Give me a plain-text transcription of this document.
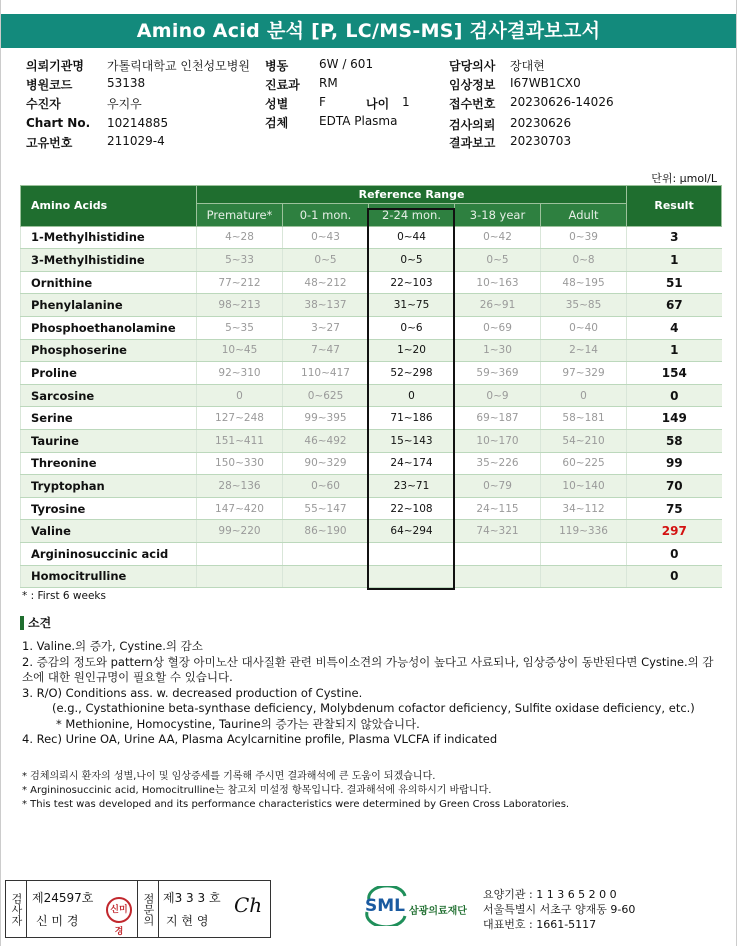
Amino Acid 분석 [P, LC/MS-MS] 검사결과보고서
의뢰기관명 가톨릭대학교 인천성모병원
병원코드	53138
수진자	우지우
Chart No. 10214885
고유번호	211029-4
병동	6W / 601
진료과 RM
성별	F	나이 1
검체	EDTA Plasma
담당의사 장대현
임상정보 I67WB1CX0
접수번호 20230626-14026
검사의뢰 20230626
결과보고 20230703
단위: μmol/L
Amino Acids	Reference Range					Result
	Premature*	0-1 mon.	2-24 mon.	3-18 year	Adult	
1-Methylhistidine	4~28	0~43	0~44	0~42	0~39	3
3-Methylhistidine	5~33	0~5	0~5	0~5	0~8	1
Ornithine	77~212	48~212	22~103	10~163	48~195	51
Phenylalanine	98~213	38~137	31~75	26~91	35~85	67
Phosphoethanolamine	5~35	3~27	0~6	0~69	0~40	4
Phosphoserine	10~45	7~47	1~20	1~30	2~14	1
Proline	92~310	110~417	52~298	59~369	97~329	154
Sarcosine	0	0~625	0	0~9	0	0
Serine	127~248	99~395	71~186	69~187	58~181	149
Taurine	151~411	46~492	15~143	10~170	54~210	58
Threonine	150~330	90~329	24~174	35~226	60~225	99
Tryptophan	28~136	0~60	23~71	0~79	10~140	70
Tyrosine	147~420	55~147	22~108	24~115	34~112	75
Valine	99~220	86~190	64~294	74~321	119~336	297
Argininosuccinic acid						0
Homocitrulline						0
* : First 6 weeks
소견

1. Valine.의 증가, Cystine.의 감소

2. 증감의 정도와 pattern상 혈장 아미노산 대사질환 관련 비특이소견의 가능성이 높다고 사료되나, 임상증상이 동반된다면 Cystine.의 감소에 대한 원인규명이 필요할 수 있습니다.

3. R/O) Conditions ass. w. decreased production of Cystine.

(e.g., Cystathionine beta-synthase deficiency, Molybdenum cofactor deficiency, Sulfite oxidase deficiency, etc.)

* Methionine, Homocystine, Taurine의 증가는 관찰되지 않았습니다.

4. Rec) Urine OA, Urine AA, Plasma Acylcarnitine profile, Plasma VLCFA if indicated

* 검체의뢰시 환자의 성별,나이 및 임상증세를 기록해 주시면 결과해석에 큰 도움이 되겠습니다.

* Argininosuccinic acid, Homocitrulline는 참고치 미설정 항목입니다. 결과해석에 유의하시기 바랍니다.

* This test was developed and its performance characteristics were determined by Green Cross Laboratories.

검사자 제24597호
신 미 경
신미경
점문의 제3 3 3 호
지 현 영
Ch	SML 삼광의료재단

요양기관 : 1 1 3 6 5 2 0 0

서울특별시 서초구 양재동 9-60

대표번호 : 1661-5117
